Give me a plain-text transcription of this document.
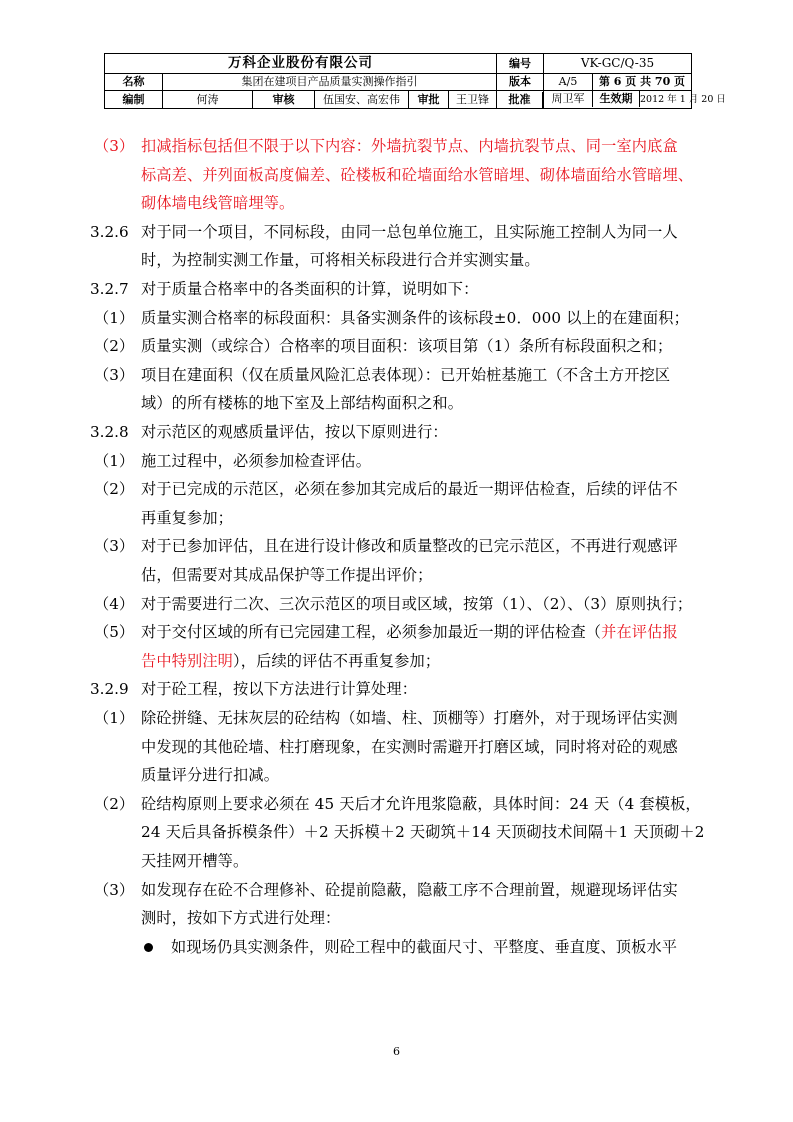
万科企业股份有限公司						编号	VK-GC/Q-35
名称	集团在建项目产品质量实测操作指引					版本	A/5 第 6 页 共 70 页
编制	何涛	审核	伍国安、高宏伟	审批	王卫锋	批准	周卫军 生效期 2012 年 1 月 20 日
（3） 扣减指标包括但不限于以下内容：外墙抗裂节点、内墙抗裂节点、同一室内底盒
标高差、并列面板高度偏差、砼楼板和砼墙面给水管暗埋、砌体墙面给水管暗埋、
砌体墙电线管暗埋等。
3.2.6 对于同一个项目，不同标段，由同一总包单位施工，且实际施工控制人为同一人
时，为控制实测工作量，可将相关标段进行合并实测实量。
3.2.7 对于质量合格率中的各类面积的计算，说明如下：
（1） 质量实测合格率的标段面积：具备实测条件的该标段±0．000 以上的在建面积；
（2） 质量实测（或综合）合格率的项目面积：该项目第（1）条所有标段面积之和；
（3） 项目在建面积（仅在质量风险汇总表体现）：已开始桩基施工（不含土方开挖区
域）的所有楼栋的地下室及上部结构面积之和。
3.2.8 对示范区的观感质量评估，按以下原则进行：
（1） 施工过程中，必须参加检查评估。
（2） 对于已完成的示范区，必须在参加其完成后的最近一期评估检查，后续的评估不
再重复参加；
（3） 对于已参加评估，且在进行设计修改和质量整改的已完示范区，不再进行观感评
估，但需要对其成品保护等工作提出评价；
（4） 对于需要进行二次、三次示范区的项目或区域，按第（1）、（2）、（3）原则执行；
（5） 对于交付区域的所有已完园建工程，必须参加最近一期的评估检查（并在评估报
告中特别注明），后续的评估不再重复参加；
3.2.9 对于砼工程，按以下方法进行计算处理：
（1） 除砼拼缝、无抹灰层的砼结构（如墙、柱、顶棚等）打磨外，对于现场评估实测
中发现的其他砼墙、柱打磨现象，在实测时需避开打磨区域，同时将对砼的观感
质量评分进行扣减。
（2） 砼结构原则上要求必须在 45 天后才允许甩浆隐蔽，具体时间：24 天（4 套模板，
24 天后具备拆模条件）＋2 天拆模＋2 天砌筑＋14 天顶砌技术间隔＋1 天顶砌＋2
天挂网开槽等。
（3） 如发现存在砼不合理修补、砼提前隐蔽，隐蔽工序不合理前置，规避现场评估实
测时，按如下方式进行处理：
如现场仍具实测条件，则砼工程中的截面尺寸、平整度、垂直度、顶板水平
6
